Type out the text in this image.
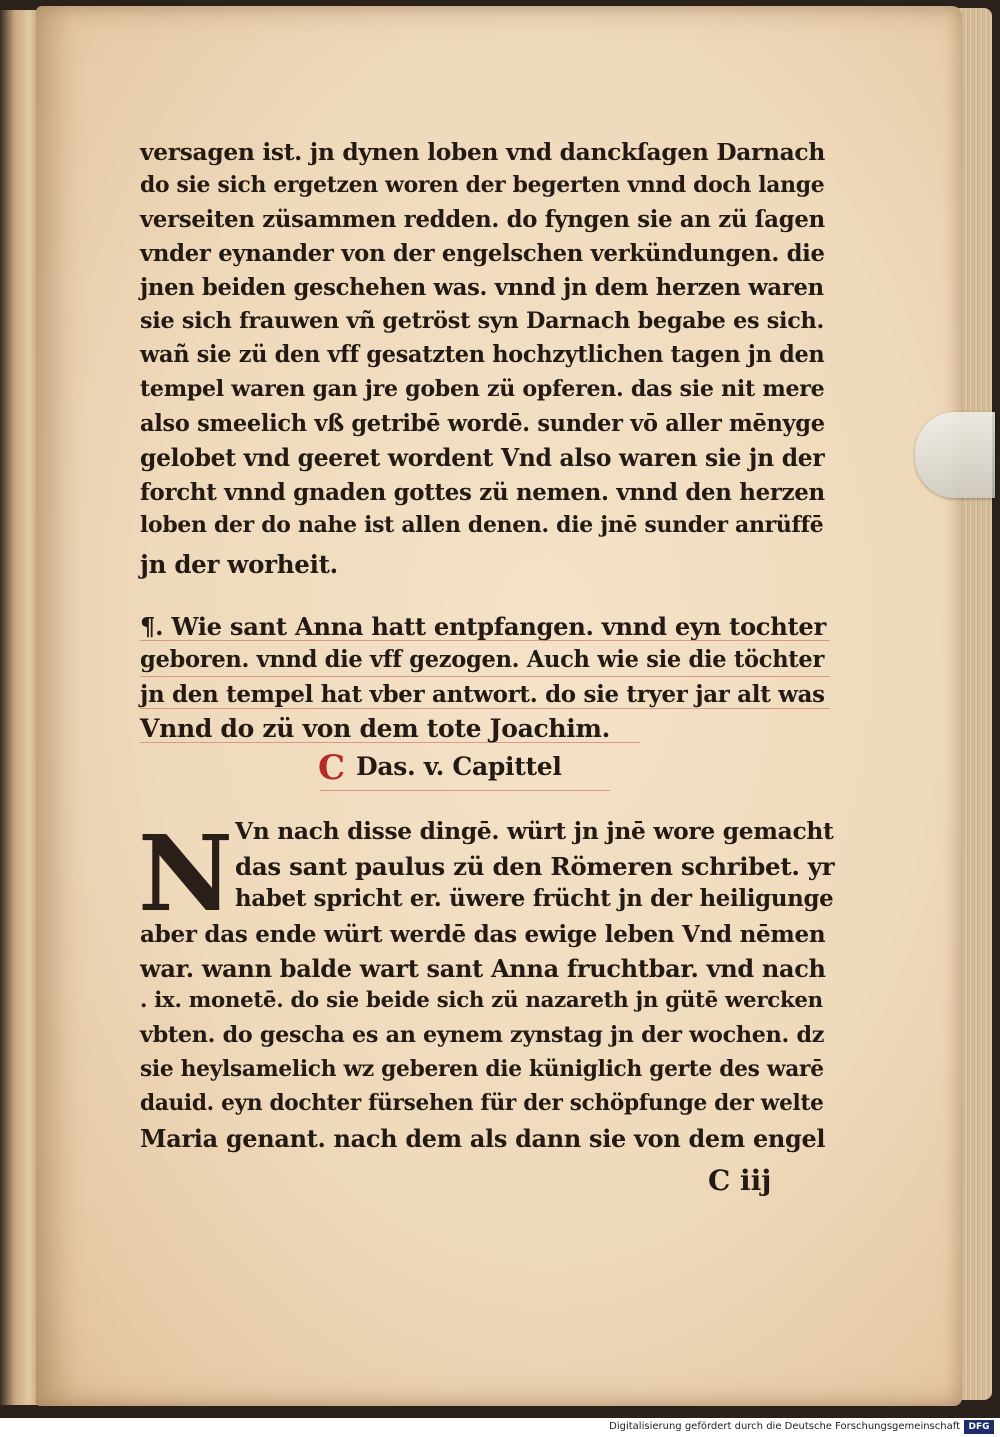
versagen ist. jn dynen loben vnd danckſagen Darnach
do sie sich ergetzen woren der begerten vnnd doch lange
verseiten züsammen redden. do fyngen sie an zü ſagen
vnder eynander von der engelschen verkündungen. die
jnen beiden geschehen was. vnnd jn dem herzen waren
sie sich frauwen vñ getröst syn Darnach begabe es sich.
wañ sie zü den vff gesatzten hochzytlichen tagen jn den
tempel waren gan jre goben zü opferen. das sie nit mere
also smeelich vß getribē wordē. sunder vō aller mēnyge
gelobet vnd geeret wordent Vnd also waren sie jn der
forcht vnnd gnaden gottes zü nemen. vnnd den herzen
loben der do nahe ist allen denen. die jnē sunder anrüffē
jn der worheit.
¶. Wie sant Anna hatt entpfangen. vnnd eyn tochter
geboren. vnnd die vff gezogen. Auch wie sie die töchter
jn den tempel hat vber antwort. do sie tryer jar alt was
Vnnd do zü von dem tote Joachim.
C Das. v. Capittel
N Vn nach disse dingē. würt jn jnē wore gemacht
das sant paulus zü den Römeren schribet. yr
habet spricht er. üwere frücht jn der heiligunge
aber das ende würt werdē das ewige leben Vnd nēmen
war. wann balde wart sant Anna fruchtbar. vnd nach
. ix. monetē. do sie beide sich zü nazareth jn gütē wercken
vbten. do gescha es an eynem zynstag jn der wochen. dz
sie heylsamelich wz geberen die küniglich gerte des warē
dauid. eyn dochter fürsehen für der schöpfunge der welte
Maria genant. nach dem als dann sie von dem engel
C iij
Digitalisierung gefördert durch die Deutsche Forschungsgemeinschaft DFG
